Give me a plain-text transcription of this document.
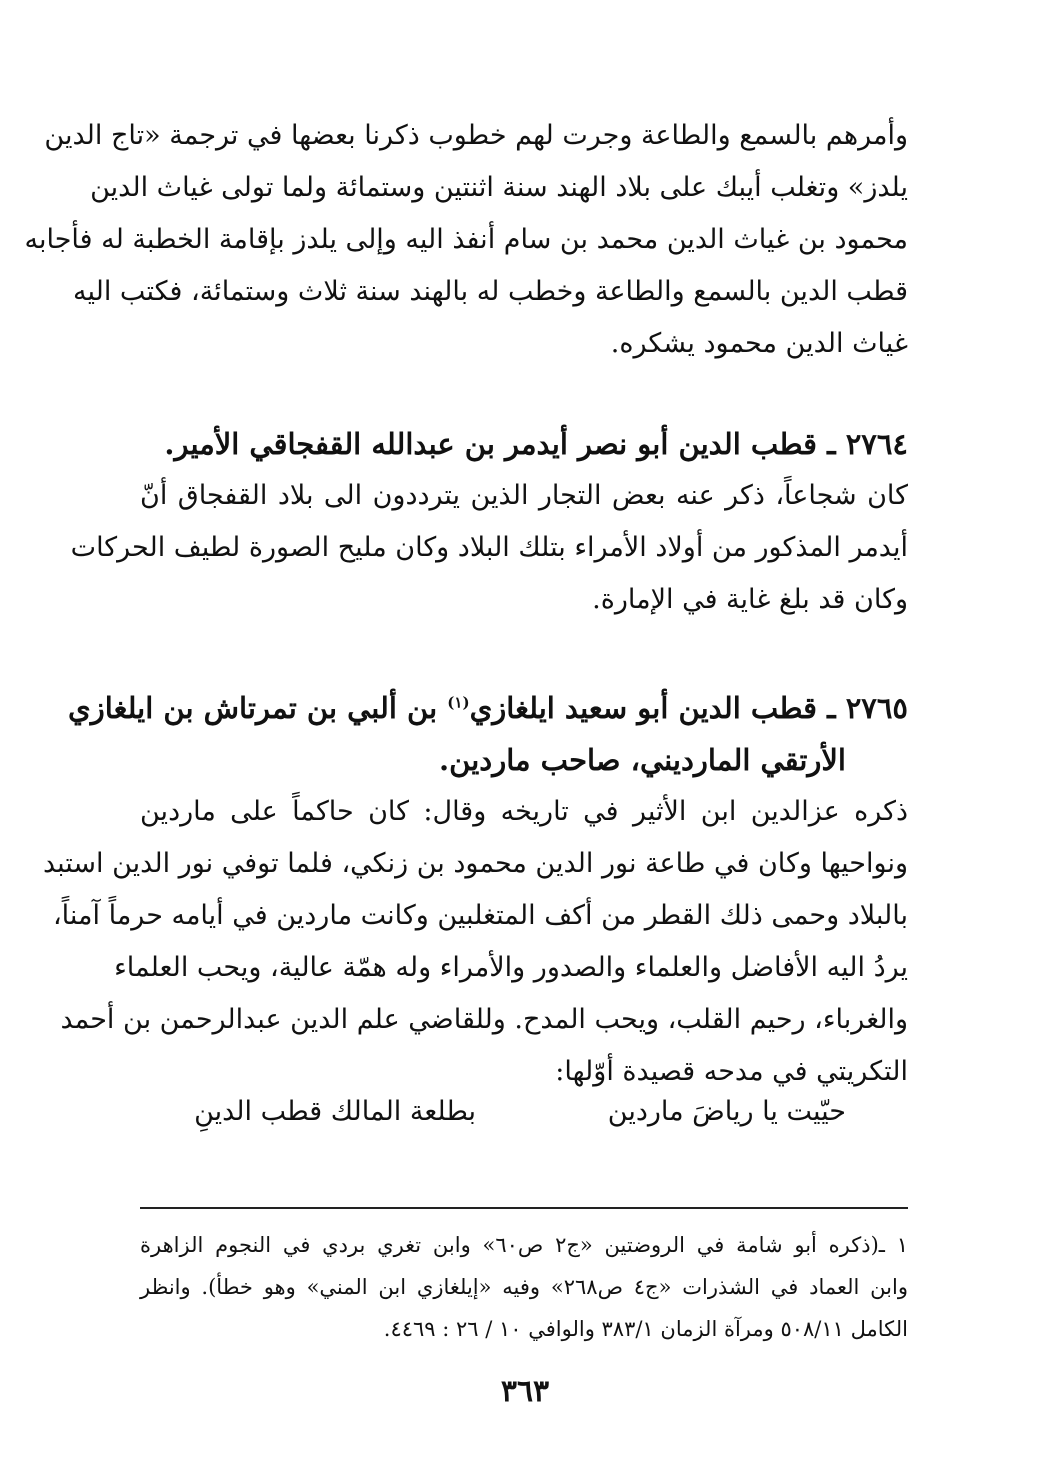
وأمرهم بالسمع والطاعة وجرت لهم خطوب ذكرنا بعضها في ترجمة «تاج الدين
يلدز» وتغلب أيبك على بلاد الهند سنة اثنتين وستمائة ولما تولى غياث الدين
محمود بن غياث الدين محمد بن سام أنفذ اليه وإلى يلدز بإقامة الخطبة له فأجابه
قطب الدين بالسمع والطاعة وخطب له بالهند سنة ثلاث وستمائة، فكتب اليه
غياث الدين محمود يشكره.
٢٧٦٤ ـ قطب الدين أبو نصر أيدمر بن عبدالله القفجاقي الأمير.
كان شجاعاً، ذكر عنه بعض التجار الذين يترددون الى بلاد القفجاق أنّ
أيدمر المذكور من أولاد الأمراء بتلك البلاد وكان مليح الصورة لطيف الحركات
وكان قد بلغ غاية في الإمارة.
٢٧٦٥ ـ قطب الدين أبو سعيد ايلغازي$^{(١)}$ بن ألبي بن تمرتاش بن ايلغازي
الأرتقي المارديني، صاحب ماردين.
ذكره عزالدين ابن الأثير في تاريخه وقال: كان حاكماً على ماردين
ونواحيها وكان في طاعة نور الدين محمود بن زنكي، فلما توفي نور الدين استبد
بالبلاد وحمى ذلك القطر من أكف المتغلبين وكانت ماردين في أيامه حرماً آمناً،
يردُ اليه الأفاضل والعلماء والصدور والأمراء وله همّة عالية، ويحب العلماء
والغرباء، رحيم القلب، ويحب المدح. وللقاضي علم الدين عبدالرحمن بن أحمد
التكريتي في مدحه قصيدة أوّلها:
حيّيت يا رياضَ ماردين
بطلعة المالك قطب الدينِ
١ ـ(ذكره أبو شامة في الروضتين «ج٢ ص٦٠» وابن تغري بردي في النجوم الزاهرة
وابن العماد في الشذرات «ج٤ ص٢٦٨» وفيه «إيلغازي ابن المني» وهو خطأ). وانظر
الكامل ٥٠٨/١١ ومرآة الزمان ٣٨٣/١ والوافي ١٠ / ٢٦ : ٤٤٦٩.
٣٦٣
